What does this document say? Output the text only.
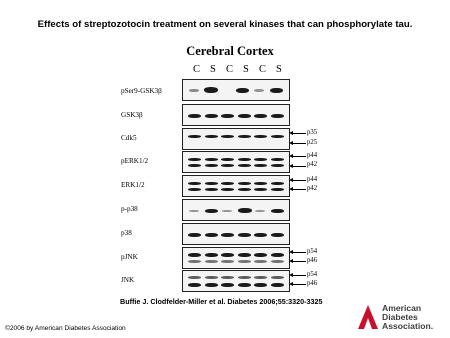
Effects of streptozotocin treatment on several kinases that can phosphorylate tau.
Cerebral Cortex
C S C S C S
pSer9-GSK3β
GSK3β
Cdk5
p35
p25
pERK1/2
p44
p42
ERK1/2
p44
p42
p-p38
p38
pJNK
p54
p46
JNK
p54
p46
Buffie J. Clodfelder-Miller et al. Diabetes 2006;55:3320-3325
©2006 by American Diabetes Association
American
Diabetes
Association.
